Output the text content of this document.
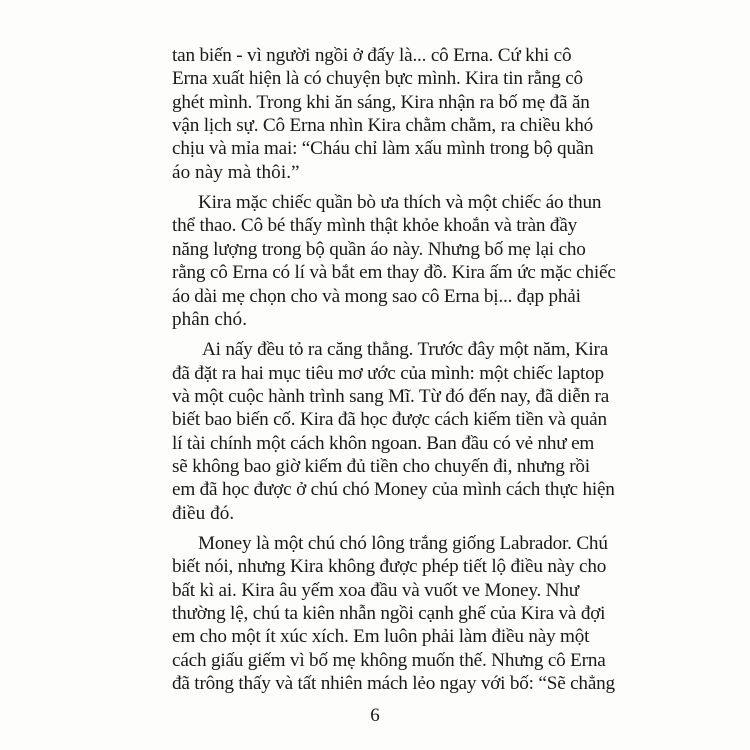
tan biến - vì người ngồi ở đấy là... cô Erna. Cứ khi cô
Erna xuất hiện là có chuyện bực mình. Kira tin rằng cô
ghét mình. Trong khi ăn sáng, Kira nhận ra bố mẹ đã ăn
vận lịch sự. Cô Erna nhìn Kira chằm chằm, ra chiều khó
chịu và mỉa mai: “Cháu chỉ làm xấu mình trong bộ quần
áo này mà thôi.”
Kira mặc chiếc quần bò ưa thích và một chiếc áo thun
thể thao. Cô bé thấy mình thật khỏe khoắn và tràn đầy
năng lượng trong bộ quần áo này. Nhưng bố mẹ lại cho
rằng cô Erna có lí và bắt em thay đồ. Kira ấm ức mặc chiếc
áo dài mẹ chọn cho và mong sao cô Erna bị... đạp phải
phân chó.
Ai nấy đều tỏ ra căng thẳng. Trước đây một năm, Kira
đã đặt ra hai mục tiêu mơ ước của mình: một chiếc laptop
và một cuộc hành trình sang Mĩ. Từ đó đến nay, đã diễn ra
biết bao biến cố. Kira đã học được cách kiếm tiền và quản
lí tài chính một cách khôn ngoan. Ban đầu có vẻ như em
sẽ không bao giờ kiếm đủ tiền cho chuyến đi, nhưng rồi
em đã học được ở chú chó Money của mình cách thực hiện
điều đó.
Money là một chú chó lông trắng giống Labrador. Chú
biết nói, nhưng Kira không được phép tiết lộ điều này cho
bất kì ai. Kira âu yếm xoa đầu và vuốt ve Money. Như
thường lệ, chú ta kiên nhẫn ngồi cạnh ghế của Kira và đợi
em cho một ít xúc xích. Em luôn phải làm điều này một
cách giấu giếm vì bố mẹ không muốn thế. Nhưng cô Erna
đã trông thấy và tất nhiên mách lẻo ngay với bố: “Sẽ chẳng
6
